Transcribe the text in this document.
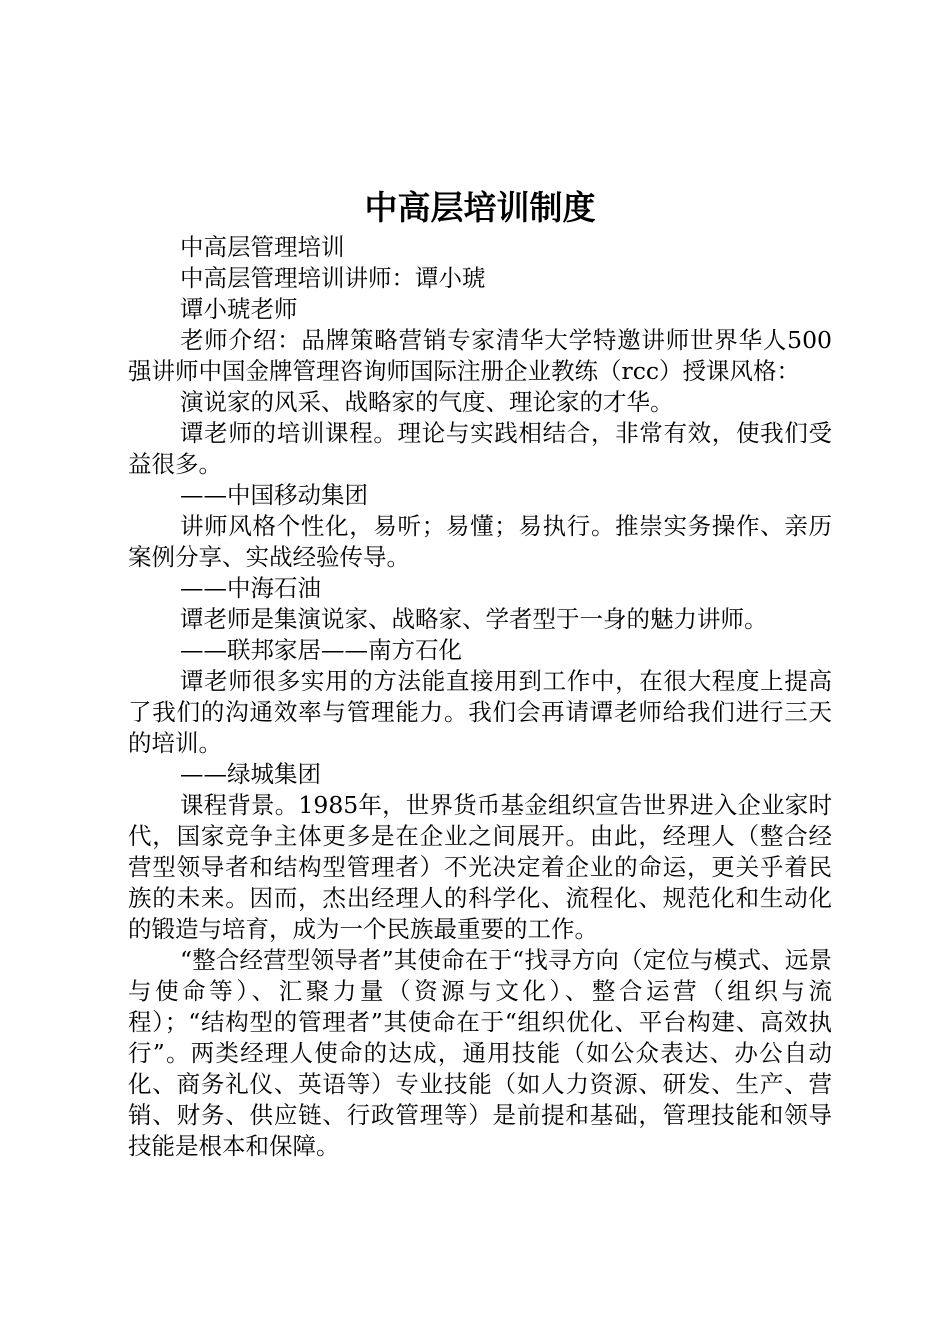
中高层培训制度

中高层管理培训

中高层管理培训讲师：谭小琥

谭小琥老师

老师介绍：品牌策略营销专家清华大学特邀讲师世界华人500强讲师中国金牌管理咨询师国际注册企业教练（rcc）授课风格：

演说家的风采、战略家的气度、理论家的才华。

谭老师的培训课程。理论与实践相结合，非常有效，使我们受益很多。

——中国移动集团

讲师风格个性化，易听；易懂；易执行。推崇实务操作、亲历案例分享、实战经验传导。

——中海石油

谭老师是集演说家、战略家、学者型于一身的魅力讲师。

——联邦家居——南方石化

谭老师很多实用的方法能直接用到工作中，在很大程度上提高了我们的沟通效率与管理能力。我们会再请谭老师给我们进行三天的培训。

——绿城集团

课程背景。1985年，世界货币基金组织宣告世界进入企业家时代，国家竞争主体更多是在企业之间展开。由此，经理人（整合经营型领导者和结构型管理者）不光决定着企业的命运，更关乎着民族的未来。因而，杰出经理人的科学化、流程化、规范化和生动化的锻造与培育，成为一个民族最重要的工作。

“整合经营型领导者”其使命在于“找寻方向（定位与模式、远景与使命等）、汇聚力量（资源与文化）、整合运营（组织与流程）；“结构型的管理者”其使命在于“组织优化、平台构建、高效执行”。两类经理人使命的达成，通用技能（如公众表达、办公自动化、商务礼仪、英语等）专业技能（如人力资源、研发、生产、营销、财务、供应链、行政管理等）是前提和基础，管理技能和领导技能是根本和保障。
